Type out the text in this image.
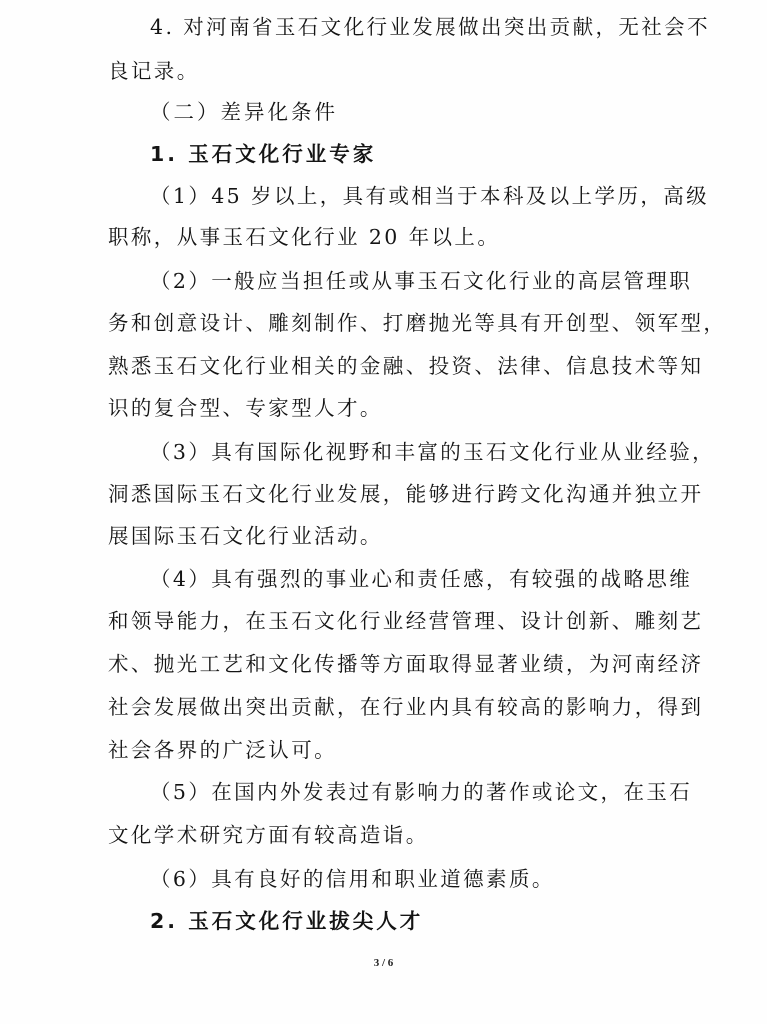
4. 对河南省玉石文化行业发展做出突出贡献，无社会不
良记录。
（二）差异化条件
1. 玉石文化行业专家
（1）45 岁以上，具有或相当于本科及以上学历，高级
职称，从事玉石文化行业 20 年以上。
（2）一般应当担任或从事玉石文化行业的高层管理职
务和创意设计、雕刻制作、打磨抛光等具有开创型、领军型，
熟悉玉石文化行业相关的金融、投资、法律、信息技术等知
识的复合型、专家型人才。
（3）具有国际化视野和丰富的玉石文化行业从业经验，
洞悉国际玉石文化行业发展，能够进行跨文化沟通并独立开
展国际玉石文化行业活动。
（4）具有强烈的事业心和责任感，有较强的战略思维
和领导能力，在玉石文化行业经营管理、设计创新、雕刻艺
术、抛光工艺和文化传播等方面取得显著业绩，为河南经济
社会发展做出突出贡献，在行业内具有较高的影响力，得到
社会各界的广泛认可。
（5）在国内外发表过有影响力的著作或论文，在玉石
文化学术研究方面有较高造诣。
（6）具有良好的信用和职业道德素质。
2. 玉石文化行业拔尖人才
3 / 6
